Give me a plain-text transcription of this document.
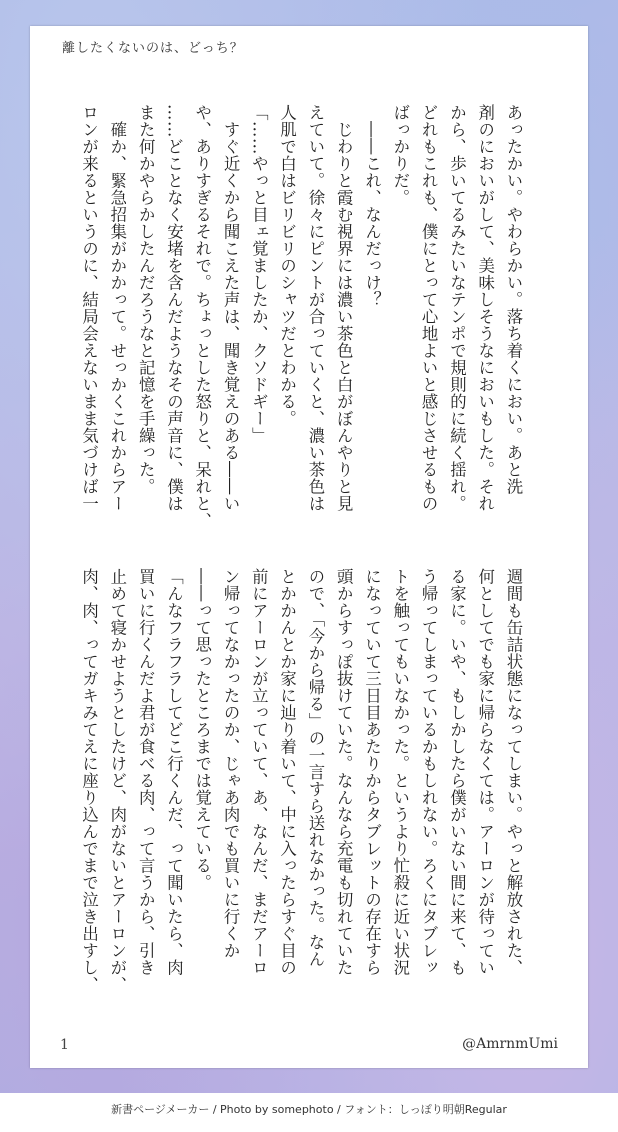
離したくないのは、どっち？

あったかい。やわらかい。落ち着くにおい。あと洗

剤のにおいがして、美味しそうなにおいもした。それ

から、歩いてるみたいなテンポで規則的に続く揺れ。

どれもこれも、僕にとって心地よいと感じさせるもの

ばっかりだ。

　――これ、なんだっけ？

　じわりと霞む視界には濃い茶色と白がぼんやりと見

えていて。徐々にピントが合っていくと、濃い茶色は

人肌で白はビリビリのシャツだとわかる。

「……やっと目ェ覚ましたか、クソドギー」

　すぐ近くから聞こえた声は、聞き覚えのある――い

や、ありすぎるそれで。ちょっとした怒りと、呆れと、

……どことなく安堵を含んだようなその声音に、僕は

また何かやらかしたんだろうなと記憶を手繰った。

　確か、緊急招集がかかって。せっかくこれからアー

ロンが来るというのに、結局会えないまま気づけば一

週間も缶詰状態になってしまい。やっと解放された、

何としてでも家に帰らなくては。アーロンが待ってい

る家に。いや、もしかしたら僕がいない間に来て、も

う帰ってしまっているかもしれない。ろくにタブレッ

トを触ってもいなかった。というより忙殺に近い状況

になっていて三日目あたりからタブレットの存在すら

頭からすっぽ抜けていた。なんなら充電も切れていた

ので、「今から帰る」の一言すら送れなかった。なん

とかかんとか家に辿り着いて、中に入ったらすぐ目の

前にアーロンが立っていて、あ、なんだ、まだアーロ

ン帰ってなかったのか、じゃあ肉でも買いに行くか

――って思ったところまでは覚えている。

「んなフラフラしてどこ行くんだ、って聞いたら、肉

買いに行くんだよ君が食べる肉、って言うから、引き

止めて寝かせようとしたけど、肉がないとアーロンが、

肉、肉、ってガキみてえに座り込んでまで泣き出すし、

1	@AmrnmUmi
新書ページメーカー / Photo by somephoto / フォント：しっぽり明朝Regular
